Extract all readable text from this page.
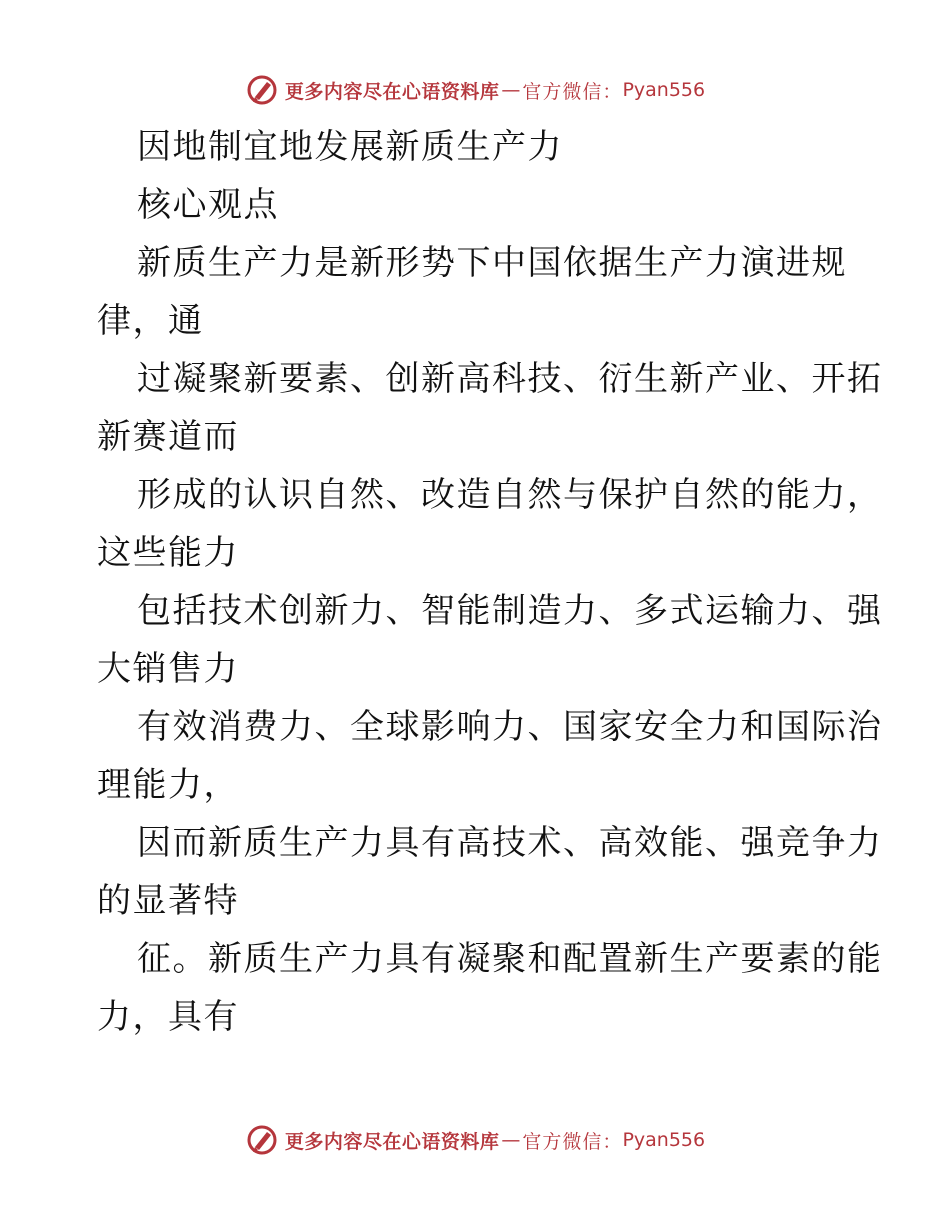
更多内容尽在心语资料库 — 官方微信： Pyan556
因地制宜地发展新质生产力
核心观点
新质生产力是新形势下中国依据生产力演进规
律，通
过凝聚新要素、创新高科技、衍生新产业、开拓
新赛道而
形成的认识自然、改造自然与保护自然的能力，
这些能力
包括技术创新力、智能制造力、多式运输力、强
大销售力
有效消费力、全球影响力、国家安全力和国际治
理能力，
因而新质生产力具有高技术、高效能、强竞争力
的显著特
征。新质生产力具有凝聚和配置新生产要素的能
力，具有
更多内容尽在心语资料库 — 官方微信： Pyan556
